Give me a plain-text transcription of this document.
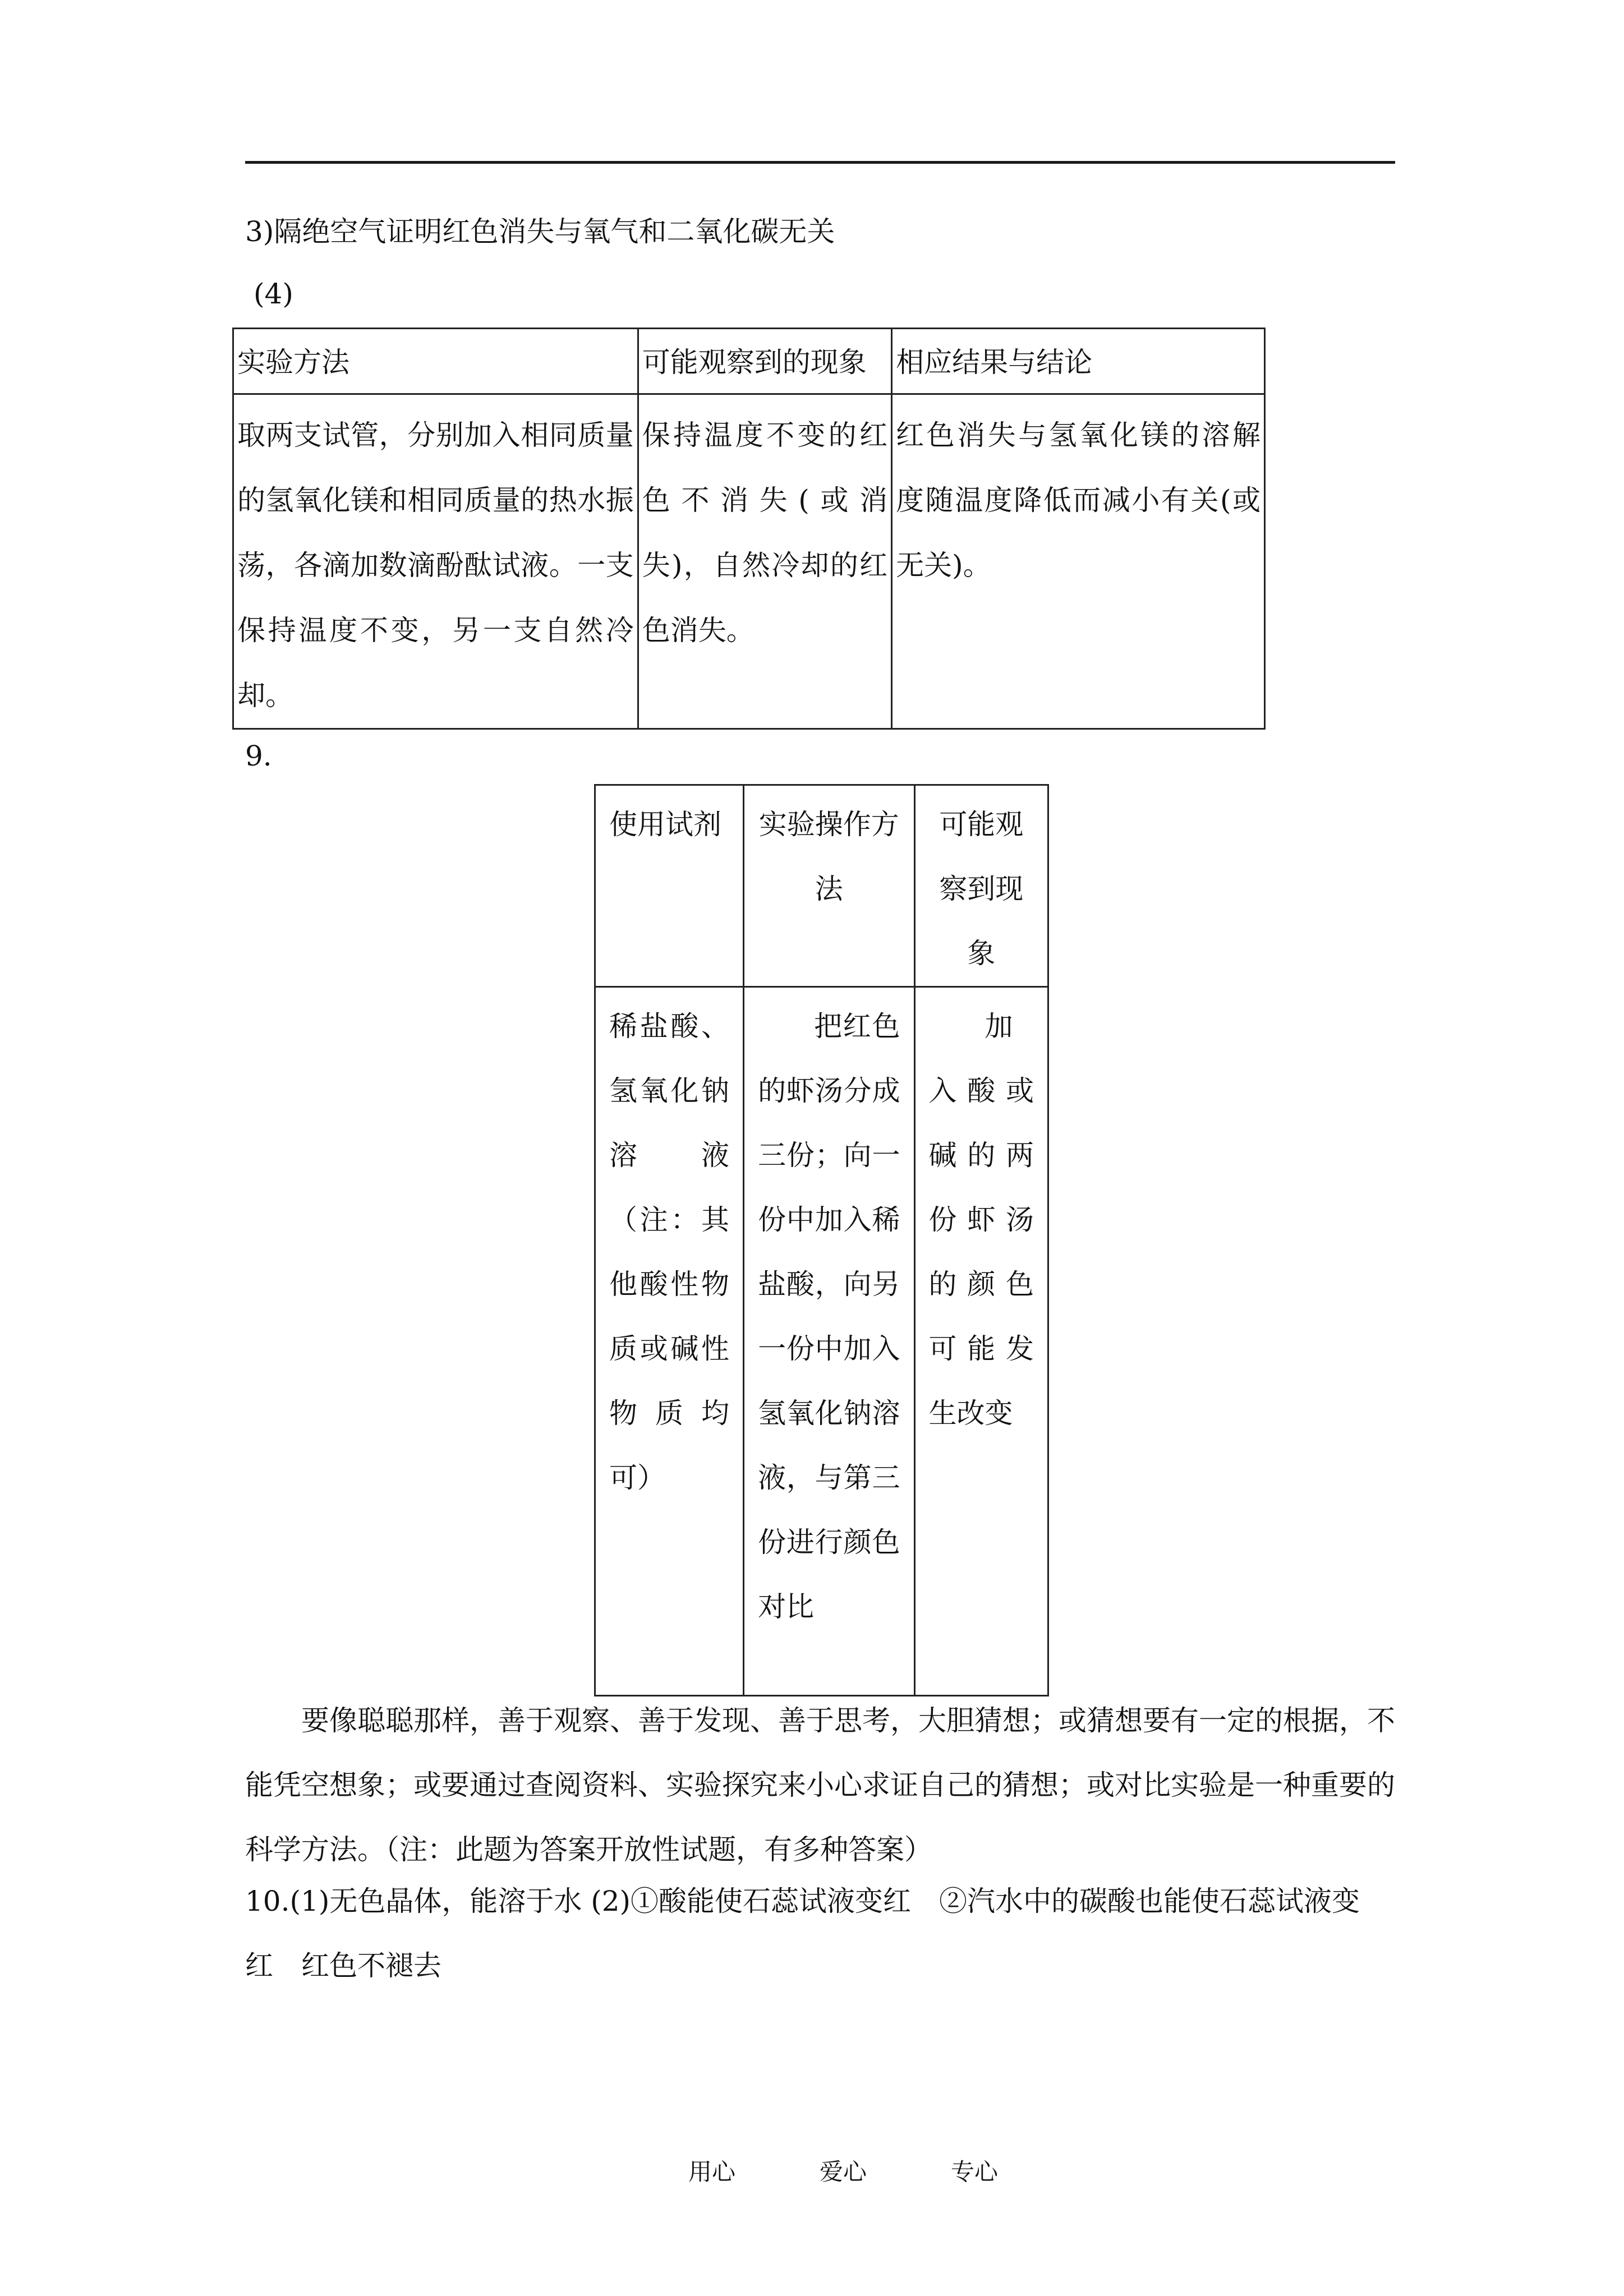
3)隔绝空气证明红色消失与氧气和二氧化碳无关
(4)
实验方法	可能观察到的现象	相应结果与结论

取两支试管，分别加入相同质量的氢氧化镁和相同质量的热水振荡，各滴加数滴酚酞试液。一支保持温度不变，另一支自然冷却。	保持温度不变的红色不消失(或消失)，自然冷却的红色消失。	红色消失与氢氧化镁的溶解度随温度降低而减小有关(或无关)。
9.
使用试剂	实验操作方法	可能观察到现象

稀盐酸、氢氧化钠溶液（注：其他酸性物质或碱性物质均可）	把红色的虾汤分成三份；向一份中加入稀盐酸，向另一份中加入氢氧化钠溶液，与第三份进行颜色对比	加入酸或碱的两份虾汤的颜色可能发生改变
要像聪聪那样，善于观察、善于发现、善于思考，大胆猜想；或猜想要有一定的根据，不能凭空想象；或要通过查阅资料、实验探究来小心求证自己的猜想；或对比实验是一种重要的科学方法。（注：此题为答案开放性试题，有多种答案）
10.(1)无色晶体，能溶于水 (2)①酸能使石蕊试液变红　②汽水中的碳酸也能使石蕊试液变
红　红色不褪去
用心	爱心	专心
